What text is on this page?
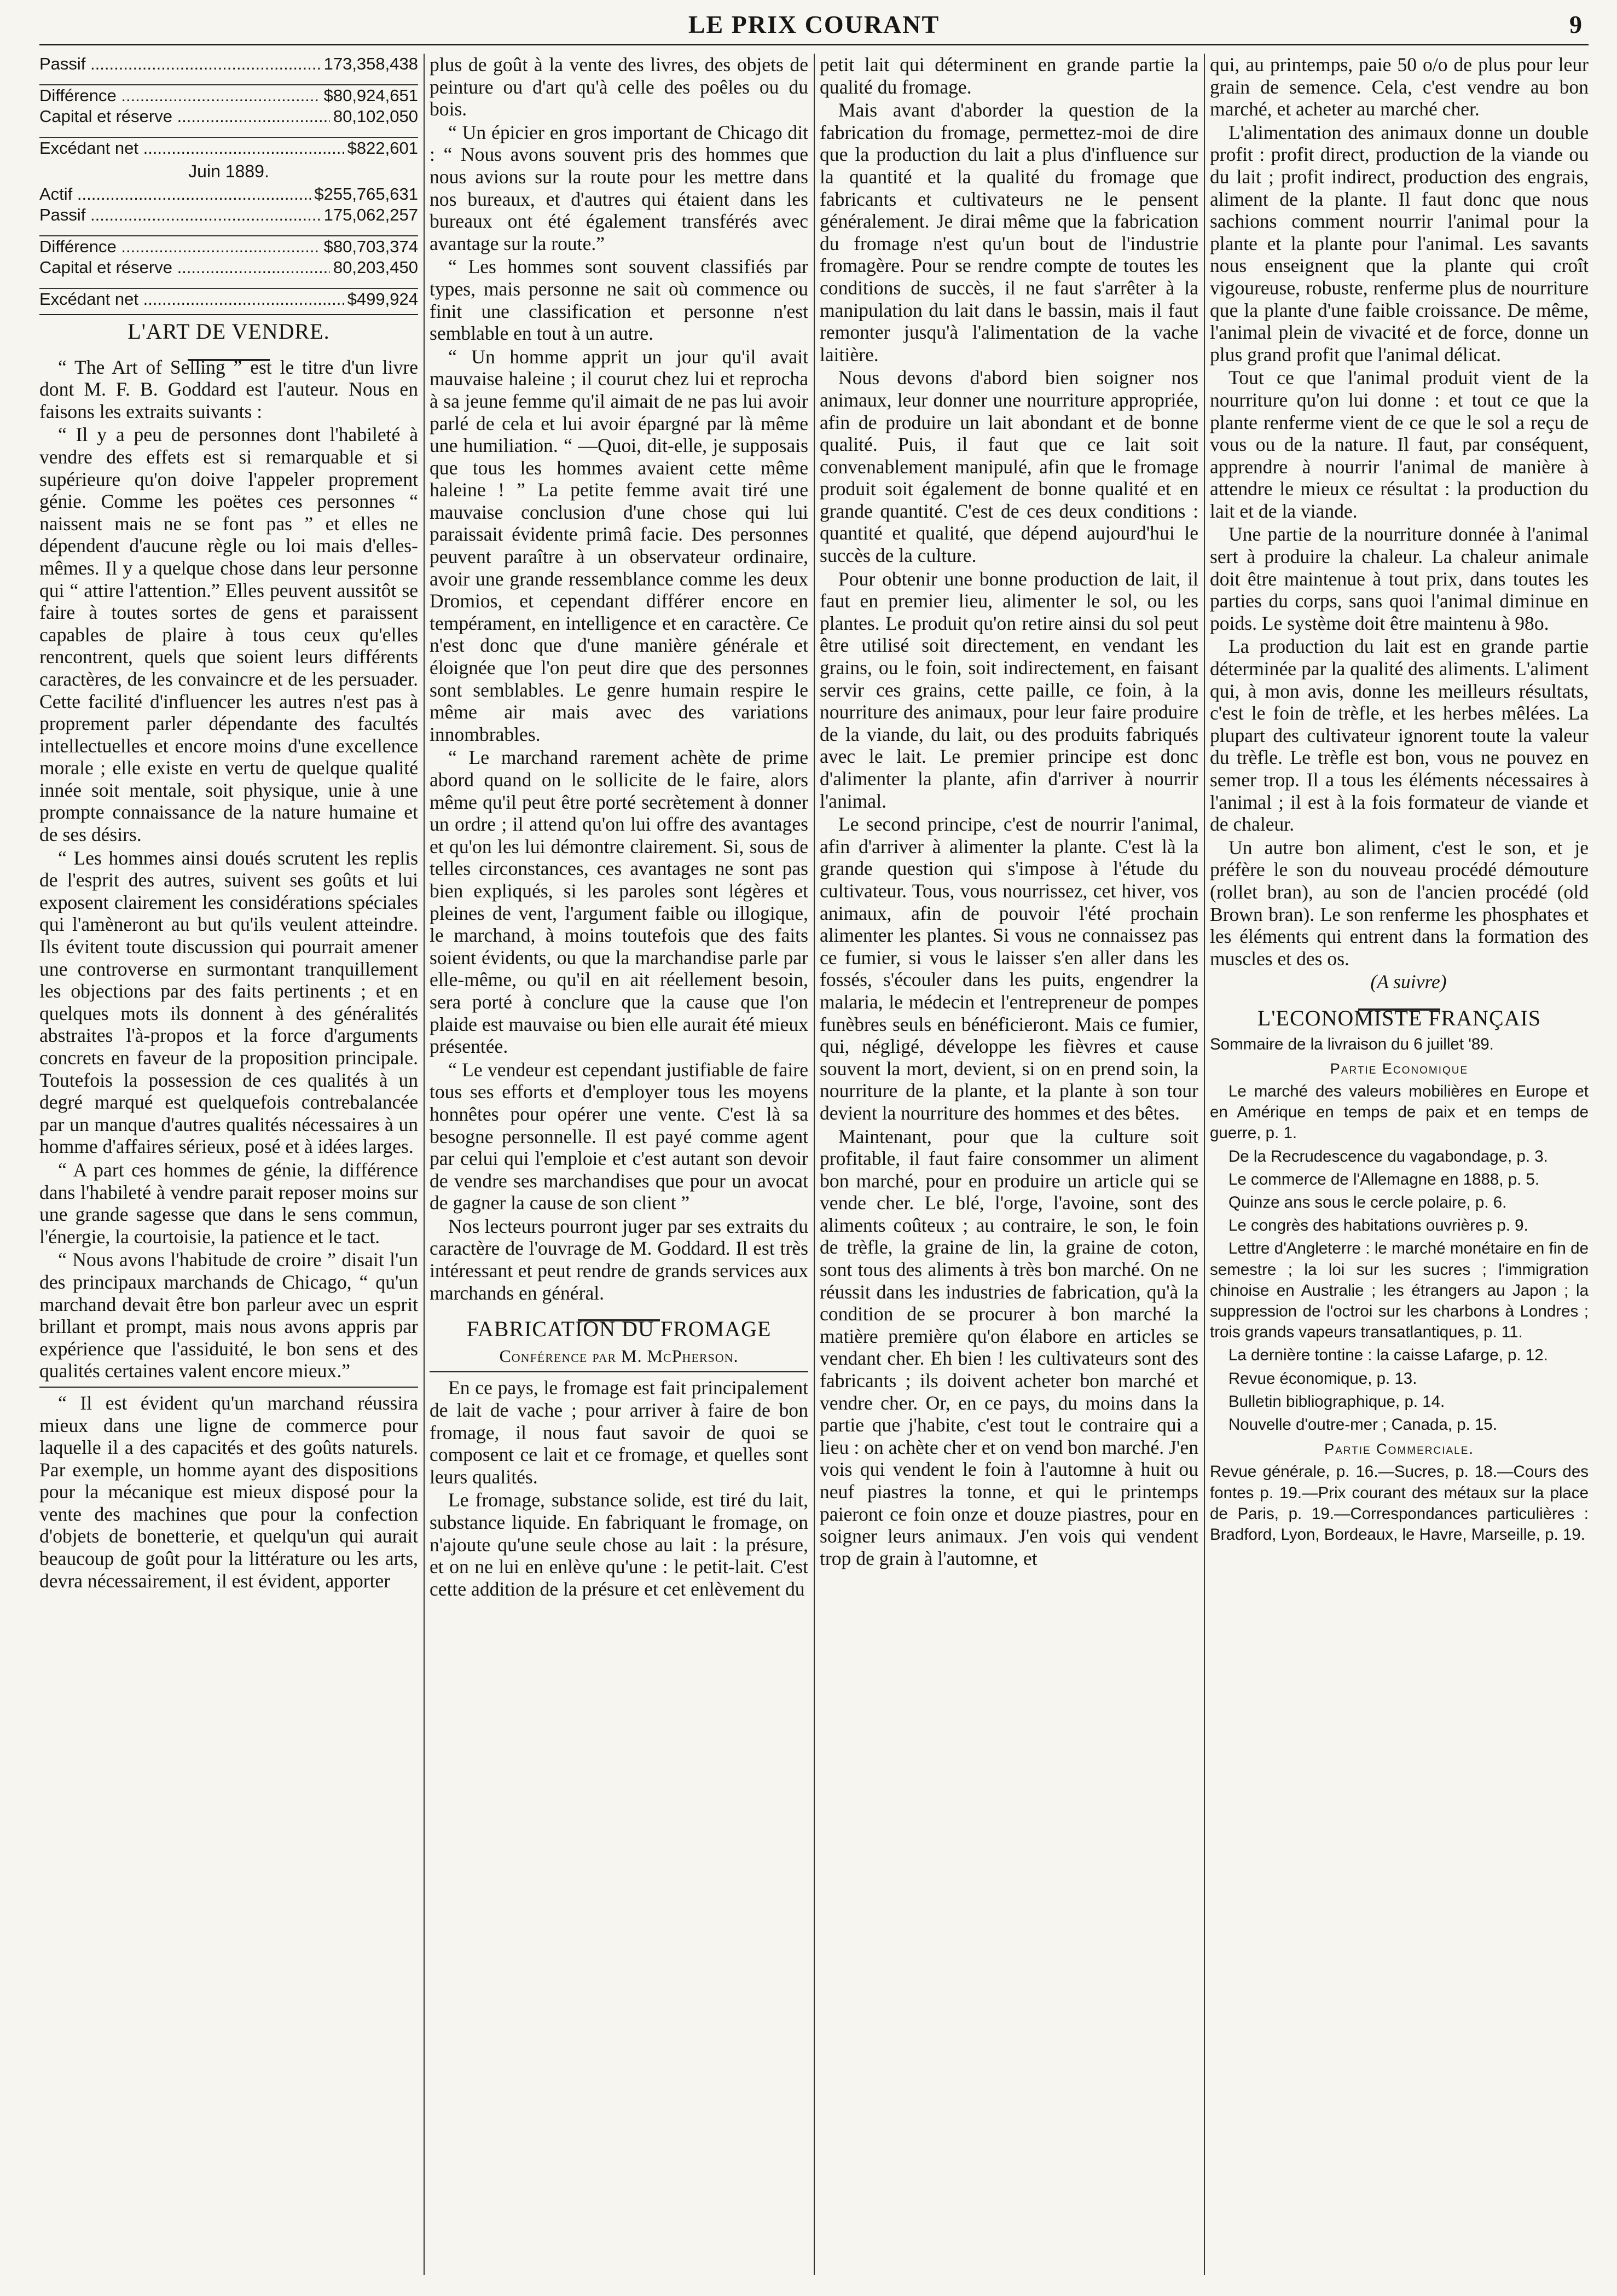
LE PRIX COURANT	9
Passif .....	173,358,438
Différence .....	$80,924,651
Capital et réserve .....	80,102,050
Excédant net .....	$822,601
Juin 1889.
Actif .....	$255,765,631
Passif .....	175,062,257
Différence .....	$80,703,374
Capital et réserve .....	80,203,450
Excédant net .....	$499,924
L'ART DE VENDRE.

“ The Art of Selling ” est le titre d'un livre dont M. F. B. Goddard est l'auteur. Nous en faisons les extraits suivants :

“ Il y a peu de personnes dont l'habileté à vendre des effets est si remarquable et si supérieure qu'on doive l'appeler proprement génie. Comme les poëtes ces personnes “ naissent mais ne se font pas ” et elles ne dépendent d'aucune règle ou loi mais d'elles-mêmes. Il y a quelque chose dans leur personne qui “ attire l'attention.” Elles peuvent aussitôt se faire à toutes sortes de gens et paraissent capables de plaire à tous ceux qu'elles rencontrent, quels que soient leurs différents caractères, de les convaincre et de les persuader. Cette facilité d'influencer les autres n'est pas à proprement parler dépendante des facultés intellectuelles et encore moins d'une excellence morale ; elle existe en vertu de quelque qualité innée soit mentale, soit physique, unie à une prompte connaissance de la nature humaine et de ses désirs.

“ Les hommes ainsi doués scrutent les replis de l'esprit des autres, suivent ses goûts et lui exposent clairement les considérations spéciales qui l'amèneront au but qu'ils veulent atteindre. Ils évitent toute discussion qui pourrait amener une controverse en surmontant tranquillement les objections par des faits pertinents ; et en quelques mots ils donnent à des généralités abstraites l'à-propos et la force d'arguments concrets en faveur de la proposition principale. Toutefois la possession de ces qualités à un degré marqué est quelquefois contrebalancée par un manque d'autres qualités nécessaires à un homme d'affaires sérieux, posé et à idées larges.

“ A part ces hommes de génie, la différence dans l'habileté à vendre parait reposer moins sur une grande sagesse que dans le sens commun, l'énergie, la courtoisie, la patience et le tact.

“ Nous avons l'habitude de croire ” disait l'un des principaux marchands de Chicago, “ qu'un marchand devait être bon parleur avec un esprit brillant et prompt, mais nous avons appris par expérience que l'assiduité, le bon sens et des qualités certaines valent encore mieux.”

“ Il est évident qu'un marchand réussira mieux dans une ligne de commerce pour laquelle il a des capacités et des goûts naturels. Par exemple, un homme ayant des dispositions pour la mécanique est mieux disposé pour la vente des machines que pour la confection d'objets de bonetterie, et quelqu'un qui aurait beaucoup de goût pour la littérature ou les arts, devra nécessairement, il est évident, apporter

plus de goût à la vente des livres, des objets de peinture ou d'art qu'à celle des poêles ou du bois.

“ Un épicier en gros important de Chicago dit : “ Nous avons souvent pris des hommes que nous avions sur la route pour les mettre dans nos bureaux, et d'autres qui étaient dans les bureaux ont été également transférés avec avantage sur la route.”

“ Les hommes sont souvent classifiés par types, mais personne ne sait où commence ou finit une classification et personne n'est semblable en tout à un autre.

“ Un homme apprit un jour qu'il avait mauvaise haleine ; il courut chez lui et reprocha à sa jeune femme qu'il aimait de ne pas lui avoir parlé de cela et lui avoir épargné par là même une humiliation. “ —Quoi, dit-elle, je supposais que tous les hommes avaient cette même haleine ! ” La petite femme avait tiré une mauvaise conclusion d'une chose qui lui paraissait évidente primâ facie. Des personnes peuvent paraître à un observateur ordinaire, avoir une grande ressemblance comme les deux Dromios, et cependant différer encore en tempérament, en intelligence et en caractère. Ce n'est donc que d'une manière générale et éloignée que l'on peut dire que des personnes sont semblables. Le genre humain respire le même air mais avec des variations innombrables.

“ Le marchand rarement achète de prime abord quand on le sollicite de le faire, alors même qu'il peut être porté secrètement à donner un ordre ; il attend qu'on lui offre des avantages et qu'on les lui démontre clairement. Si, sous de telles circonstances, ces avantages ne sont pas bien expliqués, si les paroles sont légères et pleines de vent, l'argument faible ou illogique, le marchand, à moins toutefois que des faits soient évidents, ou que la marchandise parle par elle-même, ou qu'il en ait réellement besoin, sera porté à conclure que la cause que l'on plaide est mauvaise ou bien elle aurait été mieux présentée.

“ Le vendeur est cependant justifiable de faire tous ses efforts et d'employer tous les moyens honnêtes pour opérer une vente. C'est là sa besogne personnelle. Il est payé comme agent par celui qui l'emploie et c'est autant son devoir de vendre ses marchandises que pour un avocat de gagner la cause de son client ”

Nos lecteurs pourront juger par ses extraits du caractère de l'ouvrage de M. Goddard. Il est très intéressant et peut rendre de grands services aux marchands en général.

FABRICATION DU FROMAGE
Conférence par M. McPherson.

En ce pays, le fromage est fait principalement de lait de vache ; pour arriver à faire de bon fromage, il nous faut savoir de quoi se composent ce lait et ce fromage, et quelles sont leurs qualités.

Le fromage, substance solide, est tiré du lait, substance liquide. En fabriquant le fromage, on n'ajoute qu'une seule chose au lait : la présure, et on ne lui en enlève qu'une : le petit-lait. C'est cette addition de la présure et cet enlèvement du

petit lait qui déterminent en grande partie la qualité du fromage.

Mais avant d'aborder la question de la fabrication du fromage, permettez-moi de dire que la production du lait a plus d'influence sur la quantité et la qualité du fromage que fabricants et cultivateurs ne le pensent généralement. Je dirai même que la fabrication du fromage n'est qu'un bout de l'industrie fromagère. Pour se rendre compte de toutes les conditions de succès, il ne faut s'arrêter à la manipulation du lait dans le bassin, mais il faut remonter jusqu'à l'alimentation de la vache laitière.

Nous devons d'abord bien soigner nos animaux, leur donner une nourriture appropriée, afin de produire un lait abondant et de bonne qualité. Puis, il faut que ce lait soit convenablement manipulé, afin que le fromage produit soit également de bonne qualité et en grande quantité. C'est de ces deux conditions : quantité et qualité, que dépend aujourd'hui le succès de la culture.

Pour obtenir une bonne production de lait, il faut en premier lieu, alimenter le sol, ou les plantes. Le produit qu'on retire ainsi du sol peut être utilisé soit directement, en vendant les grains, ou le foin, soit indirectement, en faisant servir ces grains, cette paille, ce foin, à la nourriture des animaux, pour leur faire produire de la viande, du lait, ou des produits fabriqués avec le lait. Le premier principe est donc d'alimenter la plante, afin d'arriver à nourrir l'animal.

Le second principe, c'est de nourrir l'animal, afin d'arriver à alimenter la plante. C'est là la grande question qui s'impose à l'étude du cultivateur. Tous, vous nourrissez, cet hiver, vos animaux, afin de pouvoir l'été prochain alimenter les plantes. Si vous ne connaissez pas ce fumier, si vous le laisser s'en aller dans les fossés, s'écouler dans les puits, engendrer la malaria, le médecin et l'entrepreneur de pompes funèbres seuls en bénéficieront. Mais ce fumier, qui, négligé, développe les fièvres et cause souvent la mort, devient, si on en prend soin, la nourriture de la plante, et la plante à son tour devient la nourriture des hommes et des bêtes.

Maintenant, pour que la culture soit profitable, il faut faire consommer un aliment bon marché, pour en produire un article qui se vende cher. Le blé, l'orge, l'avoine, sont des aliments coûteux ; au contraire, le son, le foin de trèfle, la graine de lin, la graine de coton, sont tous des aliments à très bon marché. On ne réussit dans les industries de fabrication, qu'à la condition de se procurer à bon marché la matière première qu'on élabore en articles se vendant cher. Eh bien ! les cultivateurs sont des fabricants ; ils doivent acheter bon marché et vendre cher. Or, en ce pays, du moins dans la partie que j'habite, c'est tout le contraire qui a lieu : on achète cher et on vend bon marché. J'en vois qui vendent le foin à l'automne à huit ou neuf piastres la tonne, et qui le printemps paieront ce foin onze et douze piastres, pour en soigner leurs animaux. J'en vois qui vendent trop de grain à l'automne, et

qui, au printemps, paie 50 o/o de plus pour leur grain de semence. Cela, c'est vendre au bon marché, et acheter au marché cher.

L'alimentation des animaux donne un double profit : profit direct, production de la viande ou du lait ; profit indirect, production des engrais, aliment de la plante. Il faut donc que nous sachions comment nourrir l'animal pour la plante et la plante pour l'animal. Les savants nous enseignent que la plante qui croît vigoureuse, robuste, renferme plus de nourriture que la plante d'une faible croissance. De même, l'animal plein de vivacité et de force, donne un plus grand profit que l'animal délicat.

Tout ce que l'animal produit vient de la nourriture qu'on lui donne : et tout ce que la plante renferme vient de ce que le sol a reçu de vous ou de la nature. Il faut, par conséquent, apprendre à nourrir l'animal de manière à attendre le mieux ce résultat : la production du lait et de la viande.

Une partie de la nourriture donnée à l'animal sert à produire la chaleur. La chaleur animale doit être maintenue à tout prix, dans toutes les parties du corps, sans quoi l'animal diminue en poids. Le système doit être maintenu à 98o.

La production du lait est en grande partie déterminée par la qualité des aliments. L'aliment qui, à mon avis, donne les meilleurs résultats, c'est le foin de trèfle, et les herbes mêlées. La plupart des cultivateur ignorent toute la valeur du trèfle. Le trèfle est bon, vous ne pouvez en semer trop. Il a tous les éléments nécessaires à l'animal ; il est à la fois formateur de viande et de chaleur.

Un autre bon aliment, c'est le son, et je préfère le son du nouveau procédé démouture (rollet bran), au son de l'ancien procédé (old Brown bran). Le son renferme les phosphates et les éléments qui entrent dans la formation des muscles et des os.

(A suivre)

L'ECONOMISTE FRANÇAIS

Sommaire de la livraison du 6 juillet '89.

Partie Economique

Le marché des valeurs mobilières en Europe et en Amérique en temps de paix et en temps de guerre, p. 1.

De la Recrudescence du vagabondage, p. 3.

Le commerce de l'Allemagne en 1888, p. 5.

Quinze ans sous le cercle polaire, p. 6.

Le congrès des habitations ouvrières p. 9.

Lettre d'Angleterre : le marché monétaire en fin de semestre ; la loi sur les sucres ; l'immigration chinoise en Australie ; les étrangers au Japon ; la suppression de l'octroi sur les charbons à Londres ; trois grands vapeurs transatlantiques, p. 11.

La dernière tontine : la caisse Lafarge, p. 12.

Revue économique, p. 13.

Bulletin bibliographique, p. 14.

Nouvelle d'outre-mer ; Canada, p. 15.

Partie Commerciale.

Revue générale, p. 16.—Sucres, p. 18.—Cours des fontes p. 19.—Prix courant des métaux sur la place de Paris, p. 19.—Correspondances particulières : Bradford, Lyon, Bordeaux, le Havre, Marseille, p. 19.
